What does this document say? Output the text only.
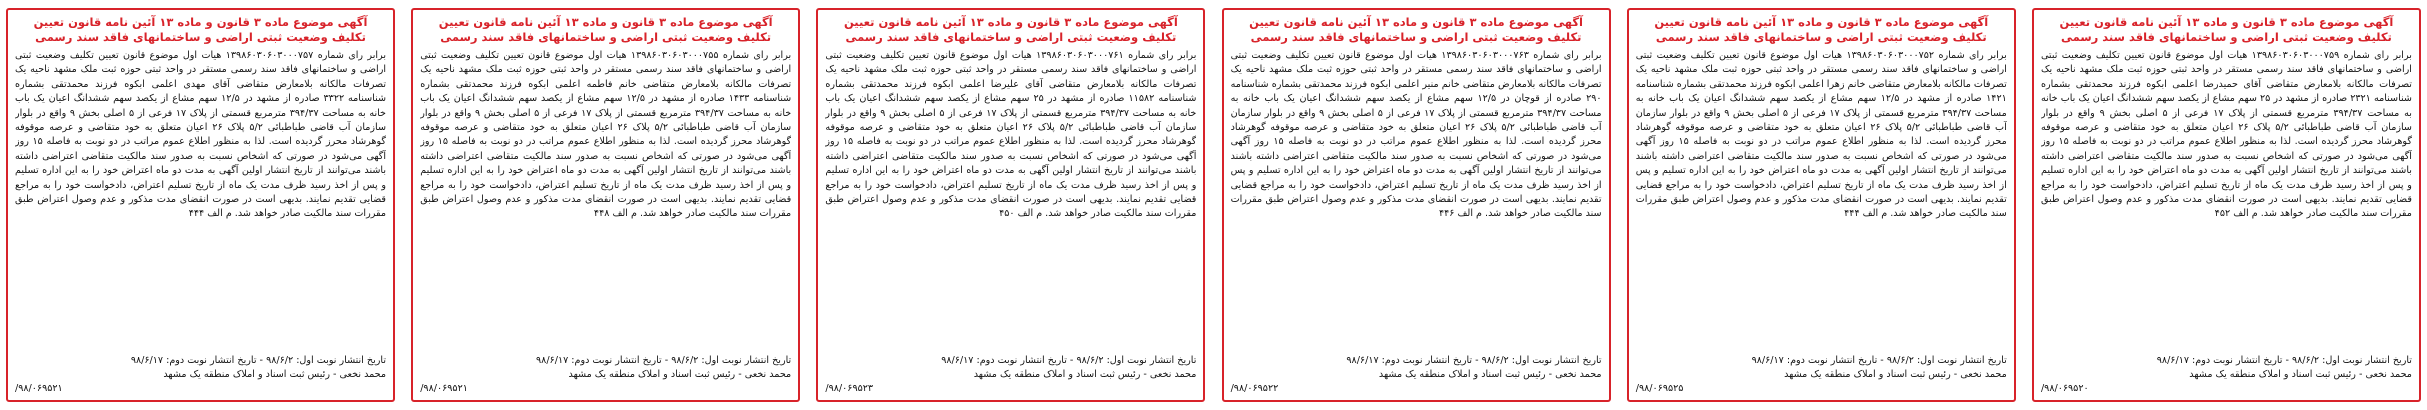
آگهی موضوع ماده ۳ قانون و ماده ۱۳ آئین نامه قانون تعیین تکلیف وضعیت ثبتی اراضی و ساختمانهای فاقد سند رسمی

برابر رای شماره ۱۳۹۸۶۰۳۰۶۰۳۰۰۰۷۵۹ هیات اول موضوع قانون تعیین تکلیف وضعیت ثبتی اراضی و ساختمانهای فاقد سند رسمی مستقر در واحد ثبتی حوزه ثبت ملک مشهد ناحیه یک تصرفات مالکانه بلامعارض متقاضی آقای حمیدرضا اعلمی ابکوه فرزند محمدتقی بشماره شناسنامه ۲۳۲۱ صادره از مشهد در ۲۵ سهم مشاع از یکصد سهم ششدانگ اعیان یک باب خانه به مساحت ۳۹۴/۳۷ مترمربع قسمتی از پلاک ۱۷ فرعی از ۵ اصلی بخش ۹ واقع در بلوار سازمان آب قاضی طباطبائی ۵/۲ پلاک ۲۶ اعیان متعلق به خود متقاضی و عرصه موقوفه گوهرشاد محرز گردیده است. لذا به منظور اطلاع عموم مراتب در دو نوبت به فاصله ۱۵ روز آگهی می‌شود در صورتی که اشخاص نسبت به صدور سند مالکیت متقاضی اعتراضی داشته باشند می‌توانند از تاریخ انتشار اولین آگهی به مدت دو ماه اعتراض خود را به این اداره تسلیم و پس از اخذ رسید ظرف مدت یک ماه از تاریخ تسلیم اعتراض، دادخواست خود را به مراجع قضایی تقدیم نمایند. بدیهی است در صورت انقضای مدت مذکور و عدم وصول اعتراض طبق مقررات سند مالکیت صادر خواهد شد. م الف ۴۵۲

تاریخ انتشار نوبت اول: ۹۸/۶/۲ - تاریخ انتشار نوبت دوم: ۹۸/۶/۱۷
محمد نخعی - رئیس ثبت اسناد و املاک منطقه یک مشهد
/۹۸/۰۶۹۵۲۰
آگهی موضوع ماده ۳ قانون و ماده ۱۳ آئین نامه قانون تعیین تکلیف وضعیت ثبتی اراضی و ساختمانهای فاقد سند رسمی

برابر رای شماره ۱۳۹۸۶۰۳۰۶۰۳۰۰۰۷۵۲ هیات اول موضوع قانون تعیین تکلیف وضعیت ثبتی اراضی و ساختمانهای فاقد سند رسمی مستقر در واحد ثبتی حوزه ثبت ملک مشهد ناحیه یک تصرفات مالکانه بلامعارض متقاضی خانم زهرا اعلمی ابکوه فرزند محمدتقی بشماره شناسنامه ۱۴۲۱ صادره از مشهد در ۱۲/۵ سهم مشاع از یکصد سهم ششدانگ اعیان یک باب خانه به مساحت ۳۹۴/۳۷ مترمربع قسمتی از پلاک ۱۷ فرعی از ۵ اصلی بخش ۹ واقع در بلوار سازمان آب قاضی طباطبائی ۵/۲ پلاک ۲۶ اعیان متعلق به خود متقاضی و عرصه موقوفه گوهرشاد محرز گردیده است. لذا به منظور اطلاع عموم مراتب در دو نوبت به فاصله ۱۵ روز آگهی می‌شود در صورتی که اشخاص نسبت به صدور سند مالکیت متقاضی اعتراضی داشته باشند می‌توانند از تاریخ انتشار اولین آگهی به مدت دو ماه اعتراض خود را به این اداره تسلیم و پس از اخذ رسید ظرف مدت یک ماه از تاریخ تسلیم اعتراض، دادخواست خود را به مراجع قضایی تقدیم نمایند. بدیهی است در صورت انقضای مدت مذکور و عدم وصول اعتراض طبق مقررات سند مالکیت صادر خواهد شد. م الف ۴۴۴

تاریخ انتشار نوبت اول: ۹۸/۶/۲ - تاریخ انتشار نوبت دوم: ۹۸/۶/۱۷
محمد نخعی - رئیس ثبت اسناد و املاک منطقه یک مشهد
/۹۸/۰۶۹۵۲۵
آگهی موضوع ماده ۳ قانون و ماده ۱۳ آئین نامه قانون تعیین تکلیف وضعیت ثبتی اراضی و ساختمانهای فاقد سند رسمی

برابر رای شماره ۱۳۹۸۶۰۳۰۶۰۳۰۰۰۷۶۳ هیات اول موضوع قانون تعیین تکلیف وضعیت ثبتی اراضی و ساختمانهای فاقد سند رسمی مستقر در واحد ثبتی حوزه ثبت ملک مشهد ناحیه یک تصرفات مالکانه بلامعارض متقاضی خانم منیر اعلمی ابکوه فرزند محمدتقی بشماره شناسنامه ۲۹۰ صادره از قوچان در ۱۲/۵ سهم مشاع از یکصد سهم ششدانگ اعیان یک باب خانه به مساحت ۳۹۴/۳۷ مترمربع قسمتی از پلاک ۱۷ فرعی از ۵ اصلی بخش ۹ واقع در بلوار سازمان آب قاضی طباطبائی ۵/۲ پلاک ۲۶ اعیان متعلق به خود متقاضی و عرصه موقوفه گوهرشاد محرز گردیده است. لذا به منظور اطلاع عموم مراتب در دو نوبت به فاصله ۱۵ روز آگهی می‌شود در صورتی که اشخاص نسبت به صدور سند مالکیت متقاضی اعتراضی داشته باشند می‌توانند از تاریخ انتشار اولین آگهی به مدت دو ماه اعتراض خود را به این اداره تسلیم و پس از اخذ رسید ظرف مدت یک ماه از تاریخ تسلیم اعتراض، دادخواست خود را به مراجع قضایی تقدیم نمایند. بدیهی است در صورت انقضای مدت مذکور و عدم وصول اعتراض طبق مقررات سند مالکیت صادر خواهد شد. م الف ۴۴۶

تاریخ انتشار نوبت اول: ۹۸/۶/۲ - تاریخ انتشار نوبت دوم: ۹۸/۶/۱۷
محمد نخعی - رئیس ثبت اسناد و املاک منطقه یک مشهد
/۹۸/۰۶۹۵۲۲
آگهی موضوع ماده ۳ قانون و ماده ۱۳ آئین نامه قانون تعیین تکلیف وضعیت ثبتی اراضی و ساختمانهای فاقد سند رسمی

برابر رای شماره ۱۳۹۸۶۰۳۰۶۰۳۰۰۰۷۶۱ هیات اول موضوع قانون تعیین تکلیف وضعیت ثبتی اراضی و ساختمانهای فاقد سند رسمی مستقر در واحد ثبتی حوزه ثبت ملک مشهد ناحیه یک تصرفات مالکانه بلامعارض متقاضی آقای علیرضا اعلمی ابکوه فرزند محمدتقی بشماره شناسنامه ۱۱۵۸۲ صادره از مشهد در ۲۵ سهم مشاع از یکصد سهم ششدانگ اعیان یک باب خانه به مساحت ۳۹۴/۳۷ مترمربع قسمتی از پلاک ۱۷ فرعی از ۵ اصلی بخش ۹ واقع در بلوار سازمان آب قاضی طباطبائی ۵/۲ پلاک ۲۶ اعیان متعلق به خود متقاضی و عرصه موقوفه گوهرشاد محرز گردیده است. لذا به منظور اطلاع عموم مراتب در دو نوبت به فاصله ۱۵ روز آگهی می‌شود در صورتی که اشخاص نسبت به صدور سند مالکیت متقاضی اعتراضی داشته باشند می‌توانند از تاریخ انتشار اولین آگهی به مدت دو ماه اعتراض خود را به این اداره تسلیم و پس از اخذ رسید ظرف مدت یک ماه از تاریخ تسلیم اعتراض، دادخواست خود را به مراجع قضایی تقدیم نمایند. بدیهی است در صورت انقضای مدت مذکور و عدم وصول اعتراض طبق مقررات سند مالکیت صادر خواهد شد. م الف ۴۵۰

تاریخ انتشار نوبت اول: ۹۸/۶/۲ - تاریخ انتشار نوبت دوم: ۹۸/۶/۱۷
محمد نخعی - رئیس ثبت اسناد و املاک منطقه یک مشهد
/۹۸/۰۶۹۵۲۳
آگهی موضوع ماده ۳ قانون و ماده ۱۳ آئین نامه قانون تعیین تکلیف وضعیت ثبتی اراضی و ساختمانهای فاقد سند رسمی

برابر رای شماره ۱۳۹۸۶۰۳۰۶۰۳۰۰۰۷۵۵ هیات اول موضوع قانون تعیین تکلیف وضعیت ثبتی اراضی و ساختمانهای فاقد سند رسمی مستقر در واحد ثبتی حوزه ثبت ملک مشهد ناحیه یک تصرفات مالکانه بلامعارض متقاضی خانم فاطمه اعلمی ابکوه فرزند محمدتقی بشماره شناسنامه ۱۴۳۳ صادره از مشهد در ۱۲/۵ سهم مشاع از یکصد سهم ششدانگ اعیان یک باب خانه به مساحت ۳۹۴/۳۷ مترمربع قسمتی از پلاک ۱۷ فرعی از ۵ اصلی بخش ۹ واقع در بلوار سازمان آب قاضی طباطبائی ۵/۲ پلاک ۲۶ اعیان متعلق به خود متقاضی و عرصه موقوفه گوهرشاد محرز گردیده است. لذا به منظور اطلاع عموم مراتب در دو نوبت به فاصله ۱۵ روز آگهی می‌شود در صورتی که اشخاص نسبت به صدور سند مالکیت متقاضی اعتراضی داشته باشند می‌توانند از تاریخ انتشار اولین آگهی به مدت دو ماه اعتراض خود را به این اداره تسلیم و پس از اخذ رسید ظرف مدت یک ماه از تاریخ تسلیم اعتراض، دادخواست خود را به مراجع قضایی تقدیم نمایند. بدیهی است در صورت انقضای مدت مذکور و عدم وصول اعتراض طبق مقررات سند مالکیت صادر خواهد شد. م الف ۴۴۸

تاریخ انتشار نوبت اول: ۹۸/۶/۲ - تاریخ انتشار نوبت دوم: ۹۸/۶/۱۷
محمد نخعی - رئیس ثبت اسناد و املاک منطقه یک مشهد
/۹۸/۰۶۹۵۲۱
آگهی موضوع ماده ۳ قانون و ماده ۱۳ آئین نامه قانون تعیین تکلیف وضعیت ثبتی اراضی و ساختمانهای فاقد سند رسمی

برابر رای شماره ۱۳۹۸۶۰۳۰۶۰۳۰۰۰۷۵۷ هیات اول موضوع قانون تعیین تکلیف وضعیت ثبتی اراضی و ساختمانهای فاقد سند رسمی مستقر در واحد ثبتی حوزه ثبت ملک مشهد ناحیه یک تصرفات مالکانه بلامعارض متقاضی آقای مهدی اعلمی ابکوه فرزند محمدتقی بشماره شناسنامه ۳۳۲۲ صادره از مشهد در ۱۲/۵ سهم مشاع از یکصد سهم ششدانگ اعیان یک باب خانه به مساحت ۳۹۴/۳۷ مترمربع قسمتی از پلاک ۱۷ فرعی از ۵ اصلی بخش ۹ واقع در بلوار سازمان آب قاضی طباطبائی ۵/۲ پلاک ۲۶ اعیان متعلق به خود متقاضی و عرصه موقوفه گوهرشاد محرز گردیده است. لذا به منظور اطلاع عموم مراتب در دو نوبت به فاصله ۱۵ روز آگهی می‌شود در صورتی که اشخاص نسبت به صدور سند مالکیت متقاضی اعتراضی داشته باشند می‌توانند از تاریخ انتشار اولین آگهی به مدت دو ماه اعتراض خود را به این اداره تسلیم و پس از اخذ رسید ظرف مدت یک ماه از تاریخ تسلیم اعتراض، دادخواست خود را به مراجع قضایی تقدیم نمایند. بدیهی است در صورت انقضای مدت مذکور و عدم وصول اعتراض طبق مقررات سند مالکیت صادر خواهد شد. م الف ۴۴۴

تاریخ انتشار نوبت اول: ۹۸/۶/۲ - تاریخ انتشار نوبت دوم: ۹۸/۶/۱۷
محمد نخعی - رئیس ثبت اسناد و املاک منطقه یک مشهد
/۹۸/۰۶۹۵۲۱
